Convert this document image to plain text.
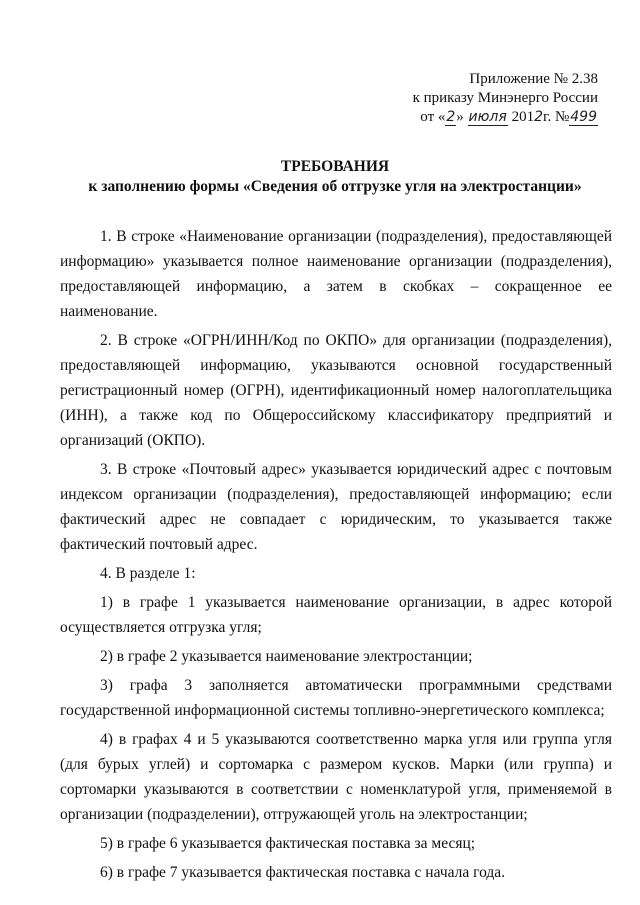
Приложение № 2.38
к приказу Минэнерго России
от «2» июля 2012г. №499
ТРЕБОВАНИЯ
к заполнению формы «Сведения об отгрузке угля на электростанции»

1. В строке «Наименование организации (подразделения), предоставляющей информацию» указывается полное наименование организации (подразделения), предоставляющей информацию, а затем в скобках – сокращенное ее наименование.

2. В строке «ОГРН/ИНН/Код по ОКПО» для организации (подразделения), предоставляющей информацию, указываются основной государственный регистрационный номер (ОГРН), идентификационный номер налогоплательщика (ИНН), а также код по Общероссийскому классификатору предприятий и организаций (ОКПО).

3. В строке «Почтовый адрес» указывается юридический адрес с почтовым индексом организации (подразделения), предоставляющей информацию; если фактический адрес не совпадает с юридическим, то указывается также фактический почтовый адрес.

4. В разделе 1:

1) в графе 1 указывается наименование организации, в адрес которой осуществляется отгрузка угля;

2) в графе 2 указывается наименование электростанции;

3) графа 3 заполняется автоматически программными средствами государственной информационной системы топливно-энергетического комплекса;

4) в графах 4 и 5 указываются соответственно марка угля или группа угля (для бурых углей) и сортомарка с размером кусков. Марки (или группа) и сортомарки указываются в соответствии с номенклатурой угля, применяемой в организации (подразделении), отгружающей уголь на электростанции;

5) в графе 6 указывается фактическая поставка за месяц;

6) в графе 7 указывается фактическая поставка с начала года.
